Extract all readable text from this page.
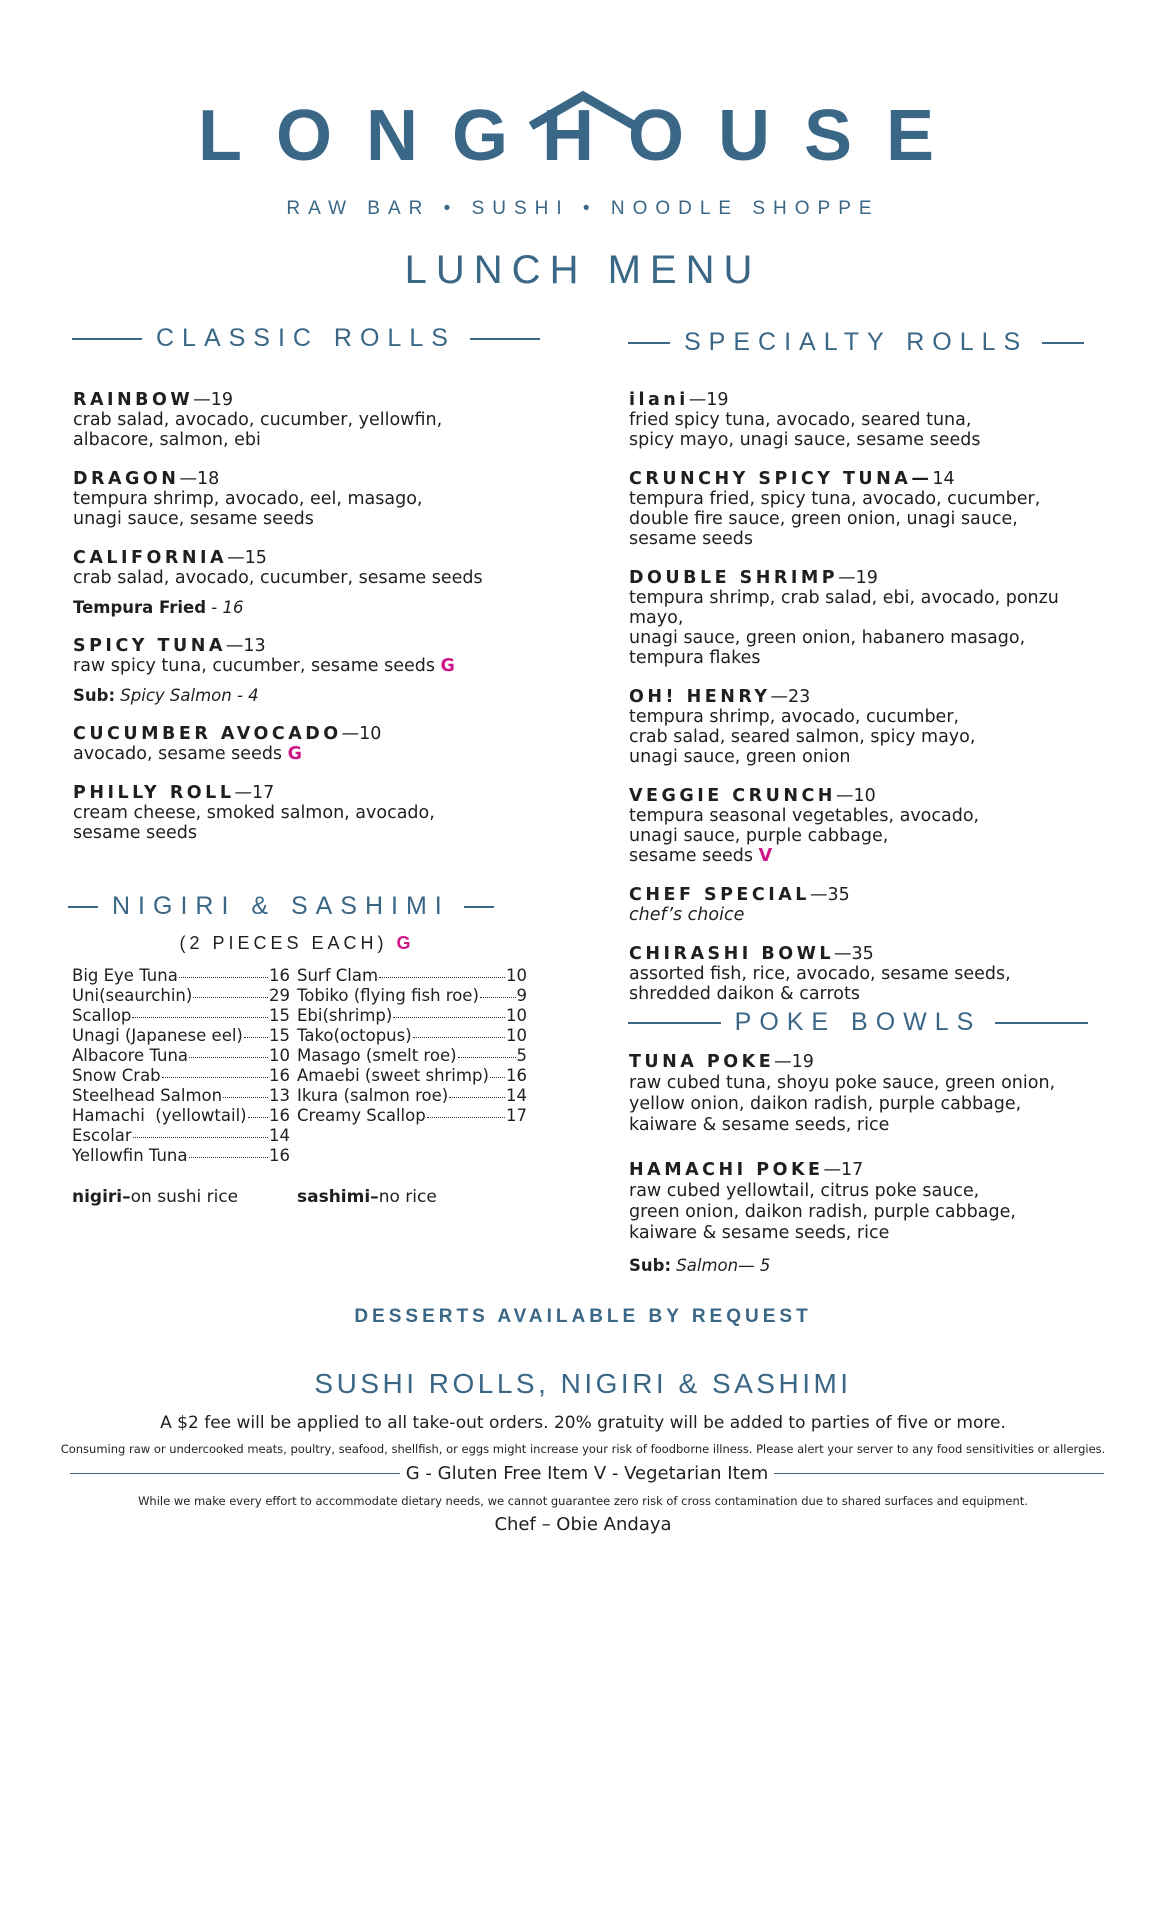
LONGHOUSE
RAW BAR • SUSHI • NOODLE SHOPPE
LUNCH MENU
CLASSIC ROLLS
RAINBOW—19
crab salad, avocado, cucumber, yellowfin,
albacore, salmon, ebi
DRAGON—18
tempura shrimp, avocado, eel, masago,
unagi sauce, sesame seeds
CALIFORNIA—15
crab salad, avocado, cucumber, sesame seeds
Tempura Fried - 16
SPICY TUNA—13
raw spicy tuna, cucumber, sesame seeds G
Sub: Spicy Salmon - 4
CUCUMBER AVOCADO—10
avocado, sesame seeds G
PHILLY ROLL—17
cream cheese, smoked salmon, avocado,
sesame seeds
NIGIRI & SASHIMI
(2 PIECES EACH) G
Big Eye Tuna	16
Uni(seaurchin)	29
Scallop	15
Unagi (Japanese eel) 15
Albacore Tuna	10
Snow Crab	16
Steelhead Salmon	13
Hamachi  (yellowtail) 16
Escolar	14
Yellowfin Tuna	16
Surf Clam	10
Tobiko (flying fish roe) 9
Ebi(shrimp)	10
Tako(octopus)	10
Masago (smelt roe)	5
Amaebi (sweet shrimp) 16
Ikura (salmon roe)	14
Creamy Scallop	17
nigiri–on sushi rice	sashimi–no rice
SPECIALTY ROLLS
ilani—19
fried spicy tuna, avocado, seared tuna,
spicy mayo, unagi sauce, sesame seeds
CRUNCHY SPICY TUNA—14
tempura fried, spicy tuna, avocado, cucumber,
double fire sauce, green onion, unagi sauce,
sesame seeds
DOUBLE SHRIMP—19
tempura shrimp, crab salad, ebi, avocado, ponzu mayo,
unagi sauce, green onion, habanero masago,
tempura flakes
OH! HENRY—23
tempura shrimp, avocado, cucumber,
crab salad, seared salmon, spicy mayo,
unagi sauce, green onion
VEGGIE CRUNCH—10
tempura seasonal vegetables, avocado,
unagi sauce, purple cabbage,
sesame seeds V
CHEF SPECIAL—35
chef’s choice
CHIRASHI BOWL—35
assorted fish, rice, avocado, sesame seeds,
shredded daikon & carrots
POKE BOWLS
TUNA POKE—19
raw cubed tuna, shoyu poke sauce, green onion,
yellow onion, daikon radish, purple cabbage,
kaiware & sesame seeds, rice
HAMACHI POKE—17
raw cubed yellowtail, citrus poke sauce,
green onion, daikon radish, purple cabbage,
kaiware & sesame seeds, rice
Sub: Salmon— 5
DESSERTS AVAILABLE BY REQUEST
SUSHI ROLLS, NIGIRI & SASHIMI
A $2 fee will be applied to all take-out orders. 20% gratuity will be added to parties of five or more.
Consuming raw or undercooked meats, poultry, seafood, shellfish, or eggs might increase your risk of foodborne illness. Please alert your server to any food sensitivities or allergies.
G - Gluten Free Item V - Vegetarian Item
While we make every effort to accommodate dietary needs, we cannot guarantee zero risk of cross contamination due to shared surfaces and equipment.
Chef – Obie Andaya
